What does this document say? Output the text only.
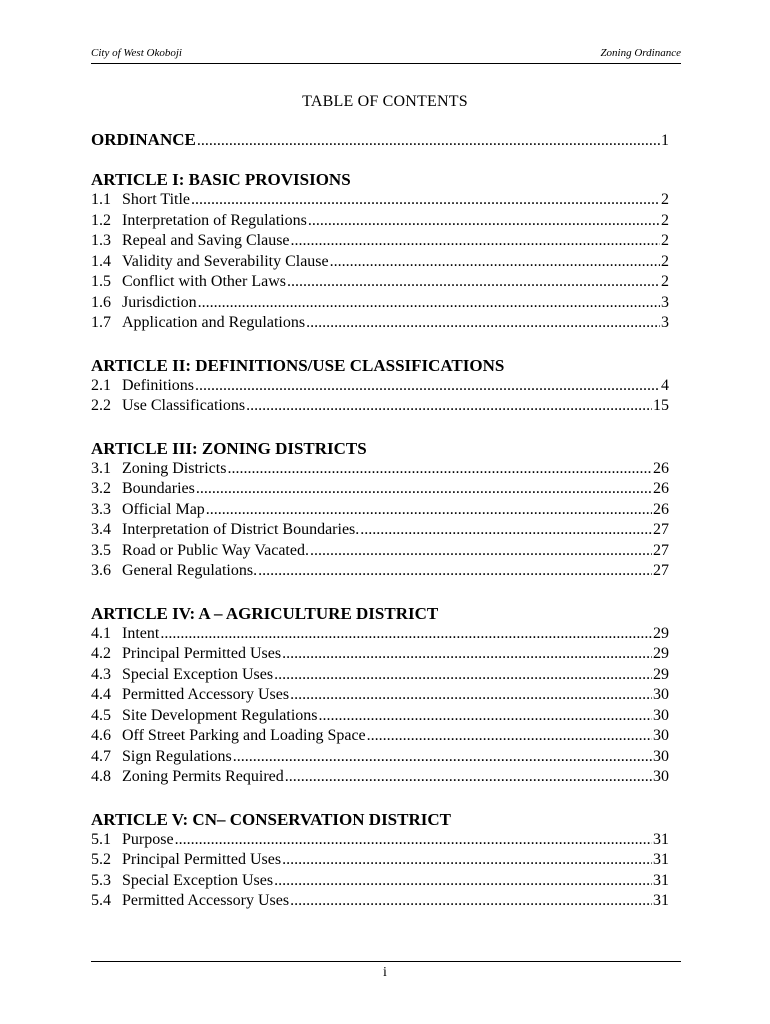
City of West Okoboji	Zoning Ordinance
TABLE OF CONTENTS
ORDINANCE .....	1
ARTICLE I: BASIC PROVISIONS
1.1 Short Title .....	2
1.2 Interpretation of Regulations .....	2
1.3 Repeal and Saving Clause .....	2
1.4 Validity and Severability Clause .....	2
1.5 Conflict with Other Laws .....	2
1.6 Jurisdiction .....	3
1.7 Application and Regulations .....	3
ARTICLE II: DEFINITIONS/USE CLASSIFICATIONS
2.1 Definitions .....	4
2.2 Use Classifications .....	15
ARTICLE III: ZONING DISTRICTS
3.1 Zoning Districts .....	26
3.2 Boundaries .....	26
3.3 Official Map .....	26
3.4 Interpretation of District Boundaries. .....	27
3.5 Road or Public Way Vacated. .....	27
3.6 General Regulations. .....	27
ARTICLE IV: A – AGRICULTURE DISTRICT
4.1 Intent .....	29
4.2 Principal Permitted Uses .....	29
4.3 Special Exception Uses .....	29
4.4 Permitted Accessory Uses .....	30
4.5 Site Development Regulations .....	30
4.6 Off Street Parking and Loading Space .....	30
4.7 Sign Regulations .....	30
4.8 Zoning Permits Required .....	30
ARTICLE V: CN– CONSERVATION DISTRICT
5.1 Purpose .....	31
5.2 Principal Permitted Uses .....	31
5.3 Special Exception Uses .....	31
5.4 Permitted Accessory Uses .....	31
i
